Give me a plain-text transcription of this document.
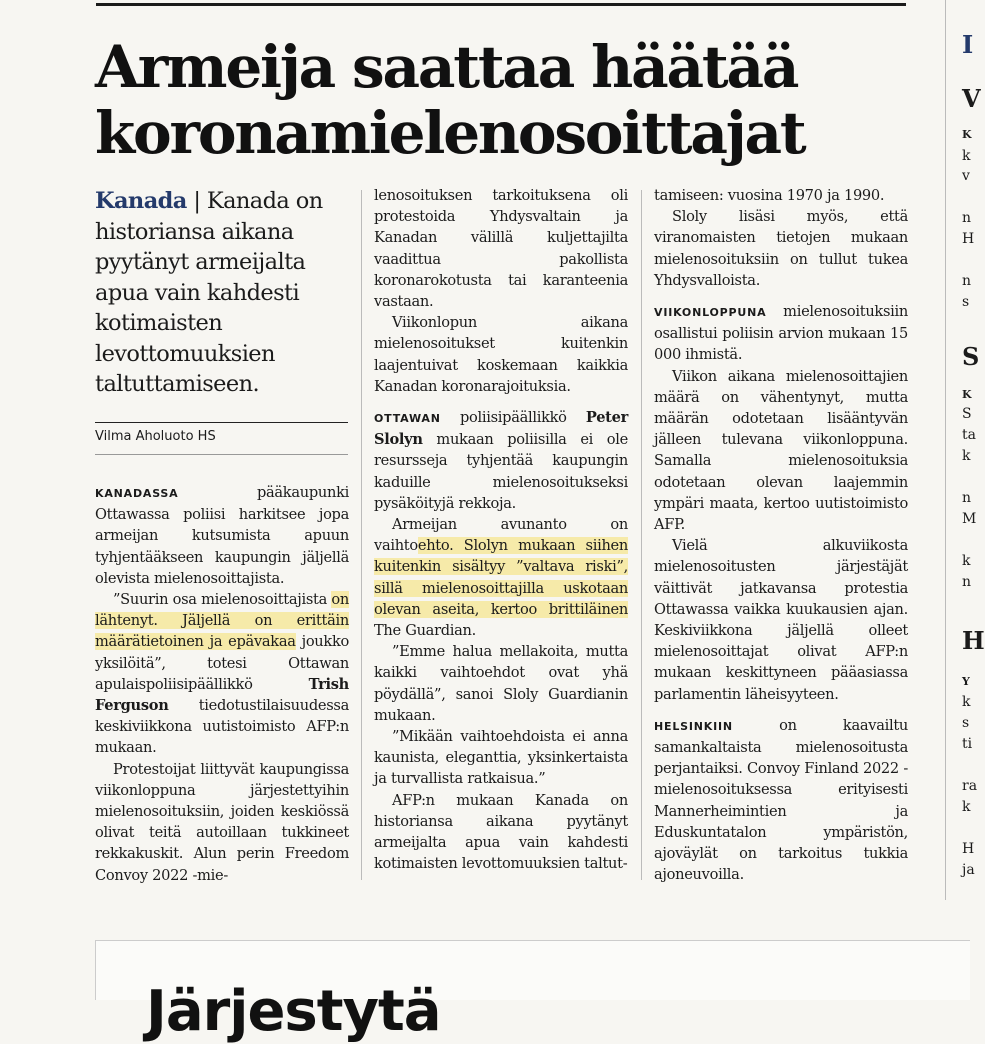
Armeija saattaa häätää
koronamielenosoittajat
Kanada | Kanada on historiansa aikana pyytänyt armeijalta apua vain kahdesti kotimaisten levottomuuksien taltuttamiseen.
Vilma Aholuoto HS

KANADASSA pääkaupunki Ottawassa poliisi harkitsee jopa armeijan kutsumista apuun tyhjentääkseen kaupungin jäljellä olevista mielenosoittajista.

”Suurin osa mielenosoittajista on lähtenyt. Jäljellä on erittäin määrätietoinen ja epävakaa joukko yksilöitä”, totesi Ottawan apulaispoliisipäällikkö Trish Ferguson tiedotustilaisuudessa keskiviikkona uutistoimisto AFP:n mukaan.

Protestoijat liittyvät kaupungissa viikonloppuna järjestettyihin mielenosoituksiin, joiden keskiössä olivat teitä autoillaan tukkineet rekkakuskit. Alun perin Freedom Convoy 2022 -mie-

lenosoituksen tarkoituksena oli protestoida Yhdysvaltain ja Kanadan välillä kuljettajilta vaadittua pakollista koronarokotusta tai karanteenia vastaan.

Viikonlopun aikana mielenosoitukset kuitenkin laajentuivat koskemaan kaikkia Kanadan koronarajoituksia.

OTTAWAN poliisipäällikkö Peter Slolyn mukaan poliisilla ei ole resursseja tyhjentää kaupungin kaduille mielenosoitukseksi pysäköityjä rekkoja.

Armeijan avunanto on vaihtoehto. Slolyn mukaan siihen kuitenkin sisältyy ”valtava riski”, sillä mielenosoittajilla uskotaan olevan aseita, kertoo brittiläinen The Guardian.

”Emme halua mellakoita, mutta kaikki vaihtoehdot ovat yhä pöydällä”, sanoi Sloly Guardianin mukaan.

”Mikään vaihtoehdoista ei anna kaunista, eleganttia, yksinkertaista ja turvallista ratkaisua.”

AFP:n mukaan Kanada on historiansa aikana pyytänyt armeijalta apua vain kahdesti kotimaisten levottomuuksien taltut-

tamiseen: vuosina 1970 ja 1990.

Sloly lisäsi myös, että viranomaisten tietojen mukaan mielenosoituksiin on tullut tukea Yhdysvalloista.

VIIKONLOPPUNA mielenosoituksiin osallistui poliisin arvion mukaan 15 000 ihmistä.

Viikon aikana mielenosoittajien määrä on vähentynyt, mutta määrän odotetaan lisääntyvän jälleen tulevana viikonloppuna. Samalla mielenosoituksia odotetaan olevan laajemmin ympäri maata, kertoo uutistoimisto AFP.

Vielä alkuviikosta mielenosoitusten järjestäjät väittivät jatkavansa protestia Ottawassa vaikka kuukausien ajan. Keskiviikkona jäljellä olleet mielenosoittajat olivat AFP:n mukaan keskittyneen pääasiassa parlamentin läheisyyteen.

HELSINKIIN on kaavailtu samankaltaista mielenosoitusta perjantaiksi. Convoy Finland 2022 -mielenosoituksessa erityisesti Mannerheimintien ja Eduskuntatalon ympäristön, ajoväylät on tarkoitus tukkia ajoneuvoilla.

I
V
K
k
v
n
H
n
s
S
K
S
ta
k
n
M
k
n
H
Y
k
s
ti
ra
k
H
ja
Järjestytä
